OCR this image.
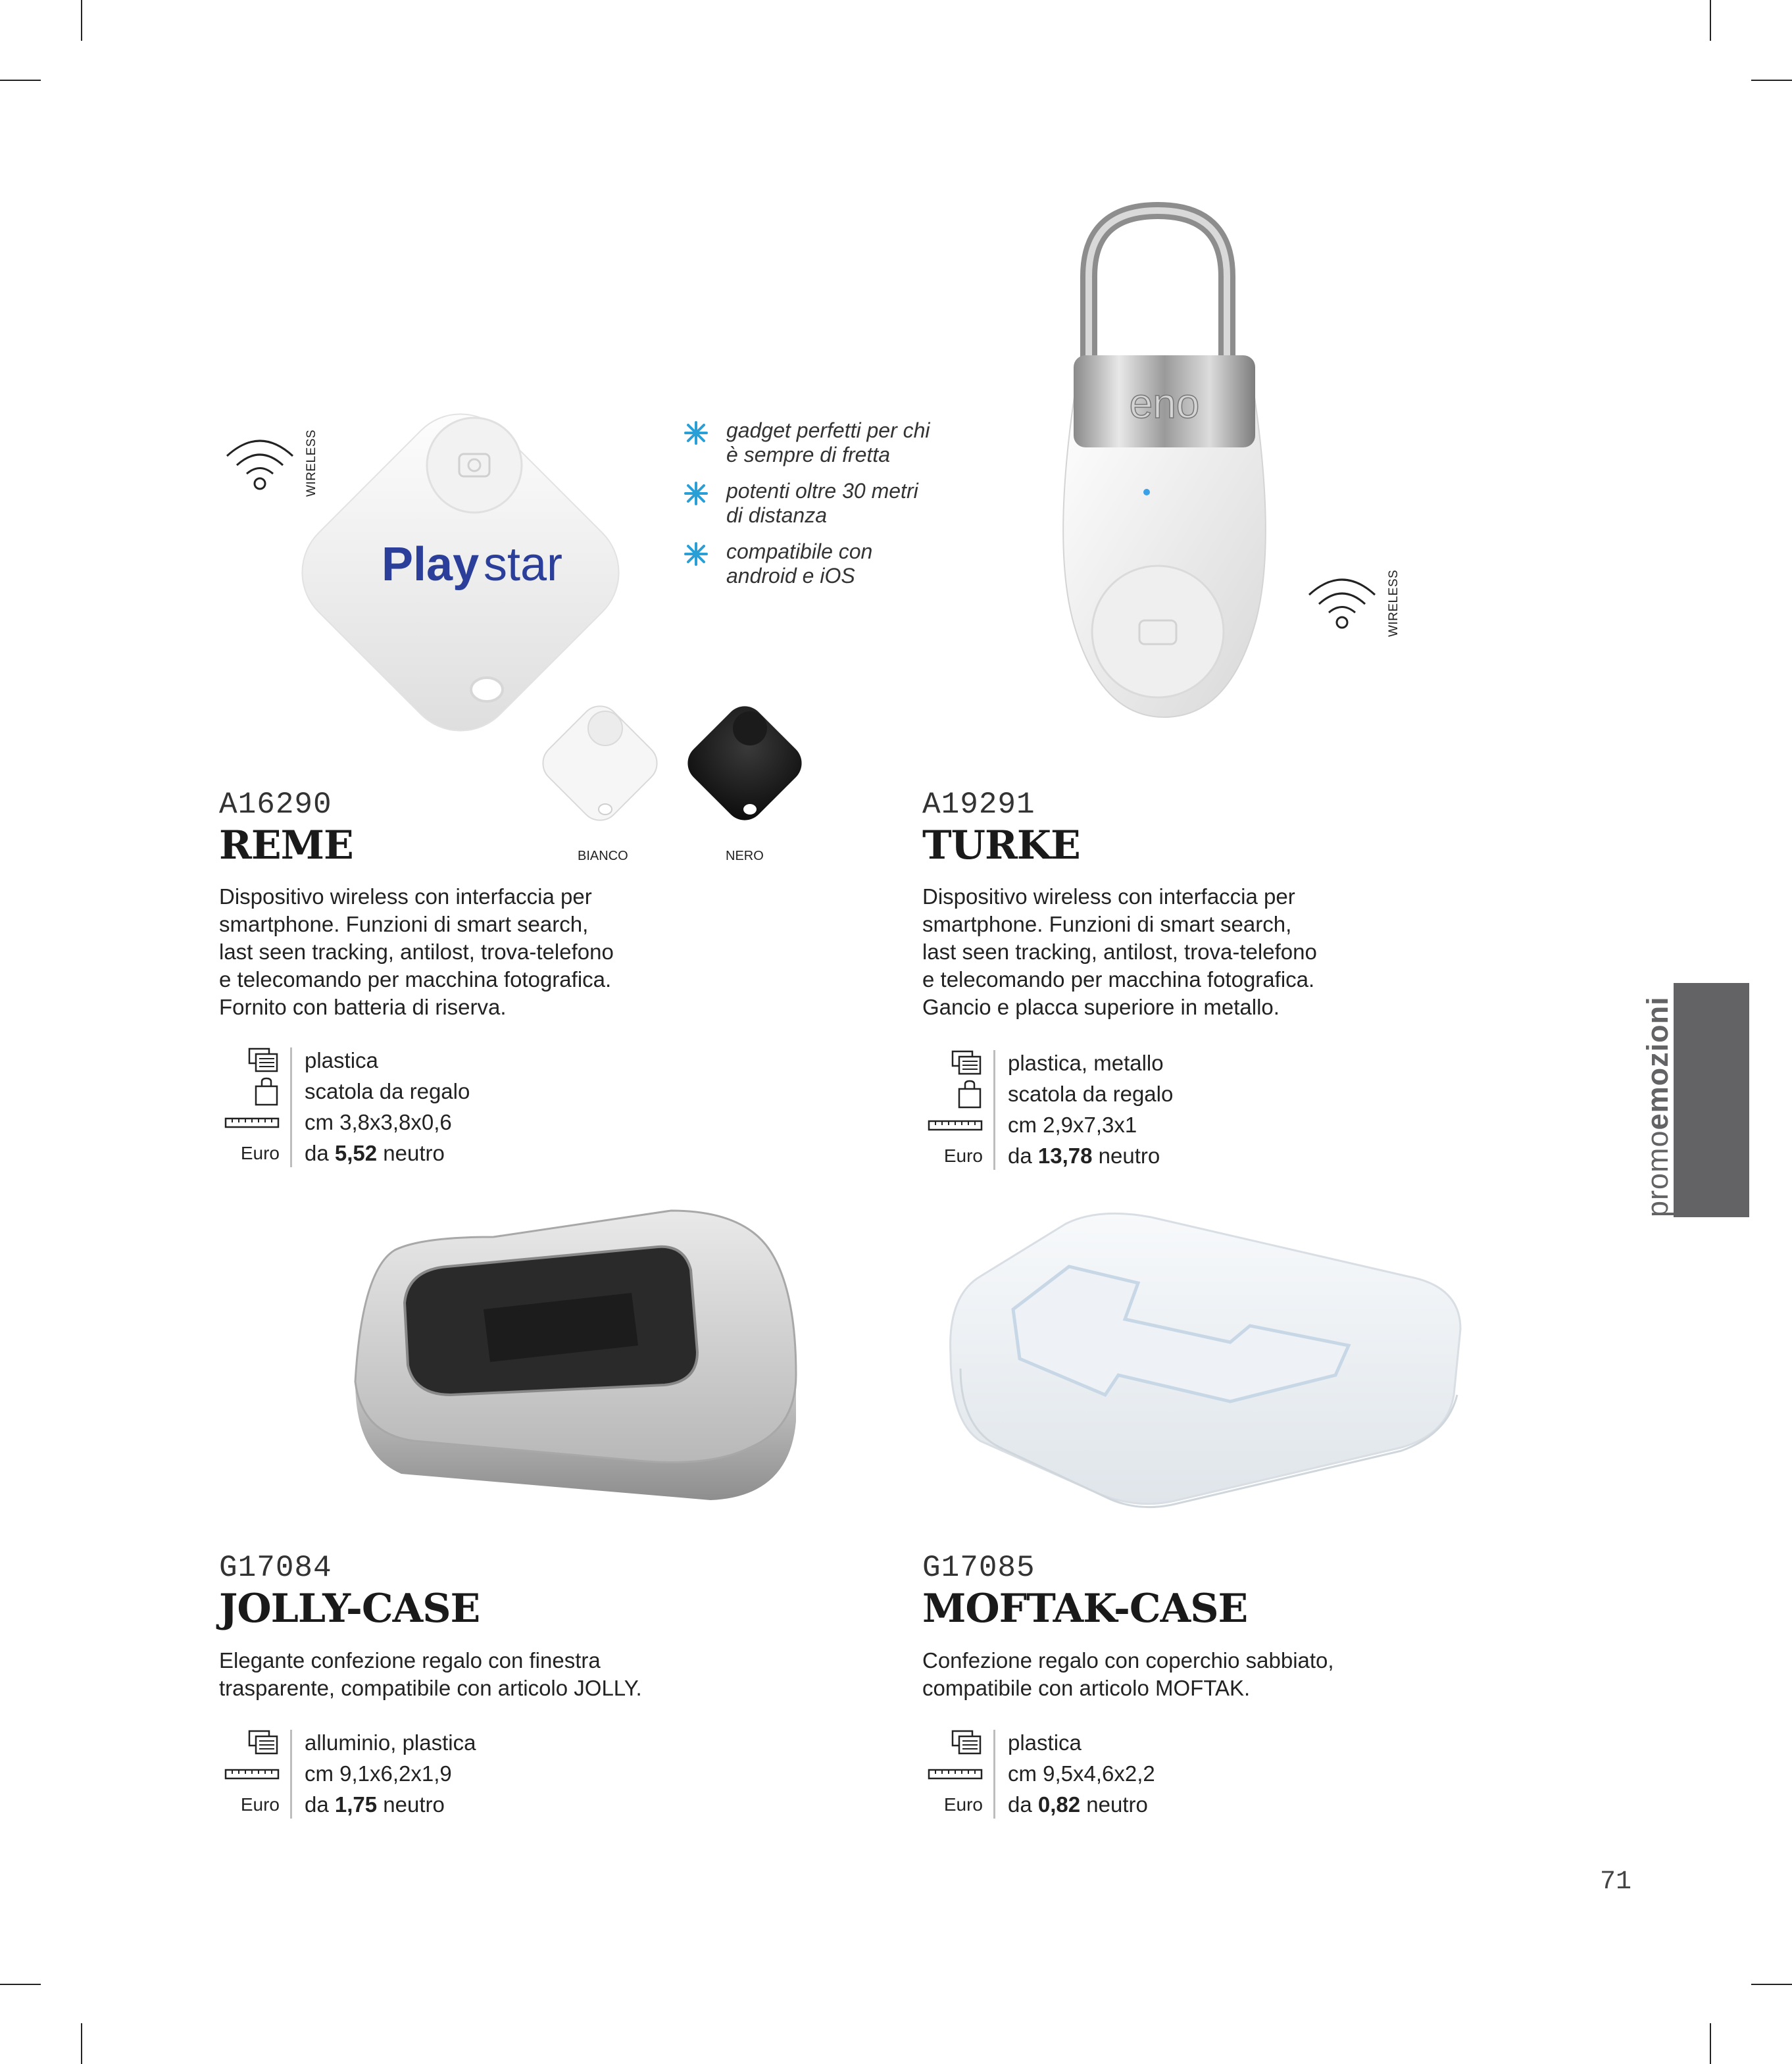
Play star
WIRELESS	gadget perfetti per chi
è sempre di fretta
potenti oltre 30 metri
di distanza
compatibile con
android e iOS
BIANCO	NERO
A16290
REME
Dispositivo wireless con interfaccia per
smartphone. Funzioni di smart search,
last seen tracking, antilost, trova-telefono
e telecomando per macchina fotografica.
Fornito con batteria di riserva.
plastica
scatola da regalo
cm 3,8x3,8x0,6
Euro da 5,52 neutro
eno
WIRELESS
A19291
TURKE
Dispositivo wireless con interfaccia per
smartphone. Funzioni di smart search,
last seen tracking, antilost, trova-telefono
e telecomando per macchina fotografica.
Gancio e placca superiore in metallo.
plastica, metallo
scatola da regalo
cm 2,9x7,3x1
Euro da 13,78 neutro	promoemozioni
G17084
JOLLY-CASE
Elegante confezione regalo con finestra
trasparente, compatibile con articolo JOLLY.
alluminio, plastica
cm 9,1x6,2x1,9
Euro da 1,75 neutro
G17085
MOFTAK-CASE
Confezione regalo con coperchio sabbiato,
compatibile con articolo MOFTAK.
plastica
cm 9,5x4,6x2,2
Euro da 0,82 neutro
71
